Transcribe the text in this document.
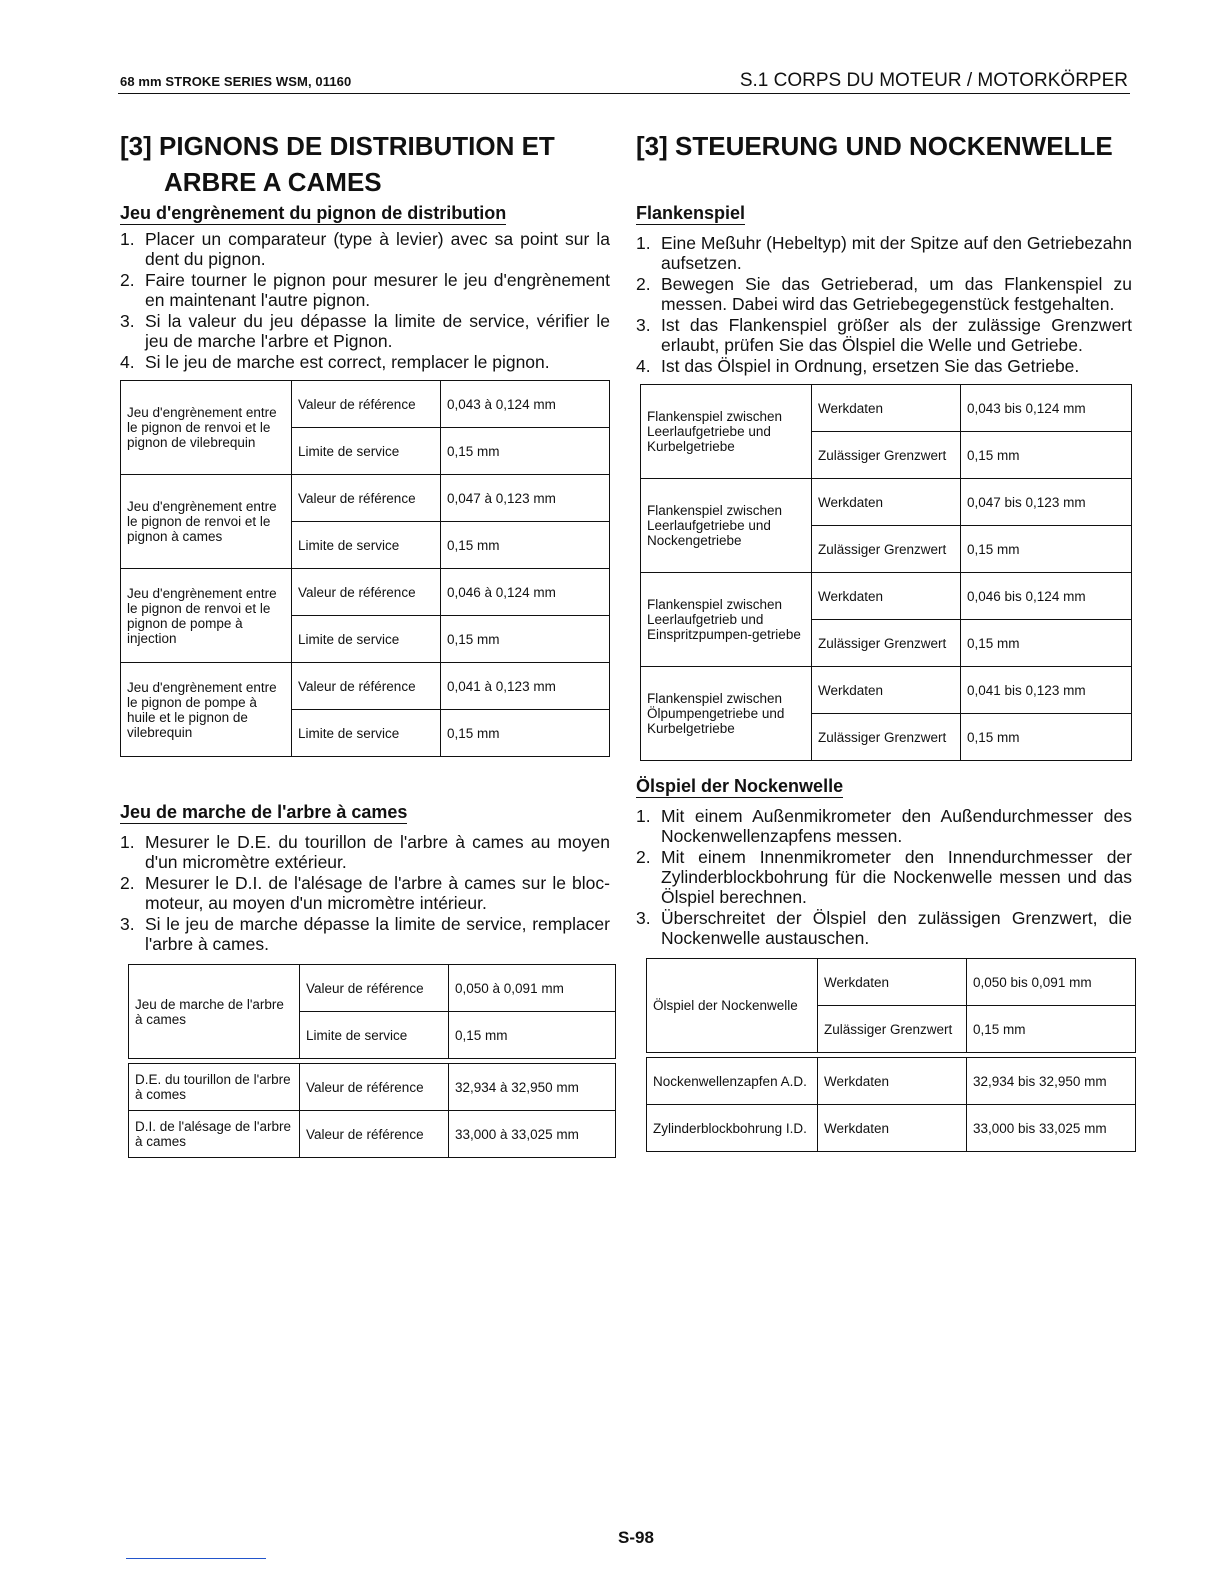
68 mm STROKE SERIES WSM, 01160	S.1 CORPS DU MOTEUR / MOTORKÖRPER
[3] PIGNONS DE DISTRIBUTION ET ARBRE A CAMES
Jeu d'engrènement du pignon de distribution
1. Placer un comparateur (type à levier) avec sa point sur la dent du pignon.
2. Faire tourner le pignon pour mesurer le jeu d'engrènement en maintenant l'autre pignon.
3. Si la valeur du jeu dépasse la limite de service, vérifier le jeu de marche l'arbre et Pignon.
4. Si le jeu de marche est correct, remplacer le pignon.
Jeu d'engrènement entre le pignon de renvoi et le pignon de vilebrequin	Valeur de référence	0,043 à 0,124 mm
	Limite de service	0,15 mm
Jeu d'engrènement entre le pignon de renvoi et le pignon à cames	Valeur de référence	0,047 à 0,123 mm
	Limite de service	0,15 mm
Jeu d'engrènement entre le pignon de renvoi et le pignon de pompe à injection	Valeur de référence	0,046 à 0,124 mm
	Limite de service	0,15 mm
Jeu d'engrènement entre le pignon de pompe à huile et le pignon de vilebrequin	Valeur de référence	0,041 à 0,123 mm
	Limite de service	0,15 mm
Jeu de marche de l'arbre à cames
1. Mesurer le D.E. du tourillon de l'arbre à cames au moyen d'un micromètre extérieur.
2. Mesurer le D.I. de l'alésage de l'arbre à cames sur le bloc-moteur, au moyen d'un micromètre intérieur.
3. Si le jeu de marche dépasse la limite de service, remplacer l'arbre à cames.
Jeu de marche de l'arbre à cames	Valeur de référence	0,050 à 0,091 mm
	Limite de service	0,15 mm
D.E. du tourillon de l'arbre à comes	Valeur de référence	32,934 à 32,950 mm
D.I. de l'alésage de l'arbre à cames	Valeur de référence	33,000 à 33,025 mm
[3] STEUERUNG UND NOCKENWELLE
Flankenspiel
1. Eine Meßuhr (Hebeltyp) mit der Spitze auf den Getriebezahn aufsetzen.
2. Bewegen Sie das Getrieberad, um das Flankenspiel zu messen. Dabei wird das Getriebegegenstück festgehalten.
3. Ist das Flankenspiel größer als der zulässige Grenzwert erlaubt, prüfen Sie das Ölspiel die Welle und Getriebe.
4. Ist das Ölspiel in Ordnung, ersetzen Sie das Getriebe.
Flankenspiel zwischen Leerlaufgetriebe und Kurbelgetriebe	Werkdaten	0,043 bis 0,124 mm
	Zulässiger Grenzwert	0,15 mm
Flankenspiel zwischen Leerlaufgetriebe und Nockengetriebe	Werkdaten	0,047 bis 0,123 mm
	Zulässiger Grenzwert	0,15 mm
Flankenspiel zwischen Leerlaufgetrieb und Einspritzpumpen-getriebe	Werkdaten	0,046 bis 0,124 mm
	Zulässiger Grenzwert	0,15 mm
Flankenspiel zwischen Ölpumpengetriebe und Kurbelgetriebe	Werkdaten	0,041 bis 0,123 mm
	Zulässiger Grenzwert	0,15 mm
Ölspiel der Nockenwelle
1. Mit einem Außenmikrometer den Außendurchmesser des Nockenwellenzapfens messen.
2. Mit einem Innenmikrometer den Innendurchmesser der Zylinderblockbohrung für die Nockenwelle messen und das Ölspiel berechnen.
3. Überschreitet der Ölspiel den zulässigen Grenzwert, die Nockenwelle austauschen.
Ölspiel der Nockenwelle	Werkdaten	0,050 bis 0,091 mm
	Zulässiger Grenzwert	0,15 mm
Nockenwellenzapfen A.D.	Werkdaten	32,934 bis 32,950 mm
Zylinderblockbohrung I.D.	Werkdaten	33,000 bis 33,025 mm
S-98
